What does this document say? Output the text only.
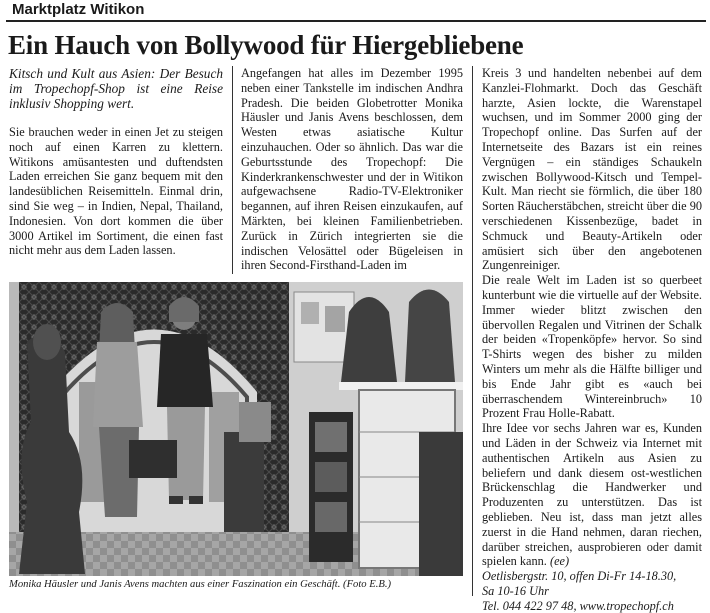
Marktplatz Witikon
Ein Hauch von Bollywood für Hiergebliebene

Kitsch und Kult aus Asien: Der Besuch im Tropechopf-Shop ist eine Reise inklusiv Shopping wert.

Sie brauchen weder in einen Jet zu steigen noch auf einen Karren zu klettern. Witikons amüsantesten und duftendsten Laden erreichen Sie ganz bequem mit den landesüblichen Reisemitteln. Einmal drin, sind Sie weg – in Indien, Nepal, Thailand, Indonesien. Von dort kommen die über 3000 Artikel im Sortiment, die einen fast nicht mehr aus dem Laden lassen.

Angefangen hat alles im Dezember 1995 neben einer Tankstelle im indischen Andhra Pradesh. Die beiden Globetrotter Monika Häusler und Janis Avens beschlossen, dem Westen etwas asiatische Kultur einzuhauchen. Oder so ähnlich. Das war die Geburtsstunde des Tropechopf: Die Kinderkrankenschwester und der in Witikon aufgewachsene Radio-TV-Elektroniker begannen, auf ihren Reisen einzukaufen, auf Märkten, bei kleinen Familienbetrieben. Zurück in Zürich integrierten sie die indischen Velosättel oder Bügeleisen in ihren Second-Firsthand-Laden im

Kreis 3 und handelten nebenbei auf dem Kanzlei-Flohmarkt. Doch das Geschäft harzte, Asien lockte, die Warenstapel wuchsen, und im Sommer 2000 ging der Tropechopf online. Das Surfen auf der Internetseite des Bazars ist ein reines Vergnügen – ein ständiges Schaukeln zwischen Bollywood-Kitsch und Tempel-Kult. Man riecht sie förmlich, die über 180 Sorten Räucherstäbchen, streicht über die 90 verschiedenen Kissenbezüge, badet in Schmuck und Beauty-Artikeln oder amüsiert sich über den angebotenen Zungenreiniger.

Die reale Welt im Laden ist so querbeet kunterbunt wie die virtuelle auf der Website. Immer wieder blitzt zwischen den übervollen Regalen und Vitrinen der Schalk der beiden «Tropenköpfe» hervor. So sind T-Shirts wegen des bisher zu milden Winters um mehr als die Hälfte billiger und bis Ende Jahr gibt es «auch bei überraschendem Wintereinbruch» 10 Prozent Frau Holle-Rabatt.

Ihre Idee vor sechs Jahren war es, Kunden und Läden in der Schweiz via Internet mit authentischen Artikeln aus Asien zu beliefern und dank diesem ost-westlichen Brückenschlag die Handwerker und Produzenten zu unterstützen. Das ist geblieben. Neu ist, dass man jetzt alles zuerst in die Hand nehmen, daran riechen, darüber streichen, ausprobieren oder damit spielen kann. (ee)

Oetlisbergstr. 10, offen Di-Fr 14-18.30,

Sa 10-16 Uhr

Tel. 044 422 97 48, www.tropechopf.ch

Monika Häusler und Janis Avens machten aus einer Faszination ein Geschäft. (Foto E.B.)
